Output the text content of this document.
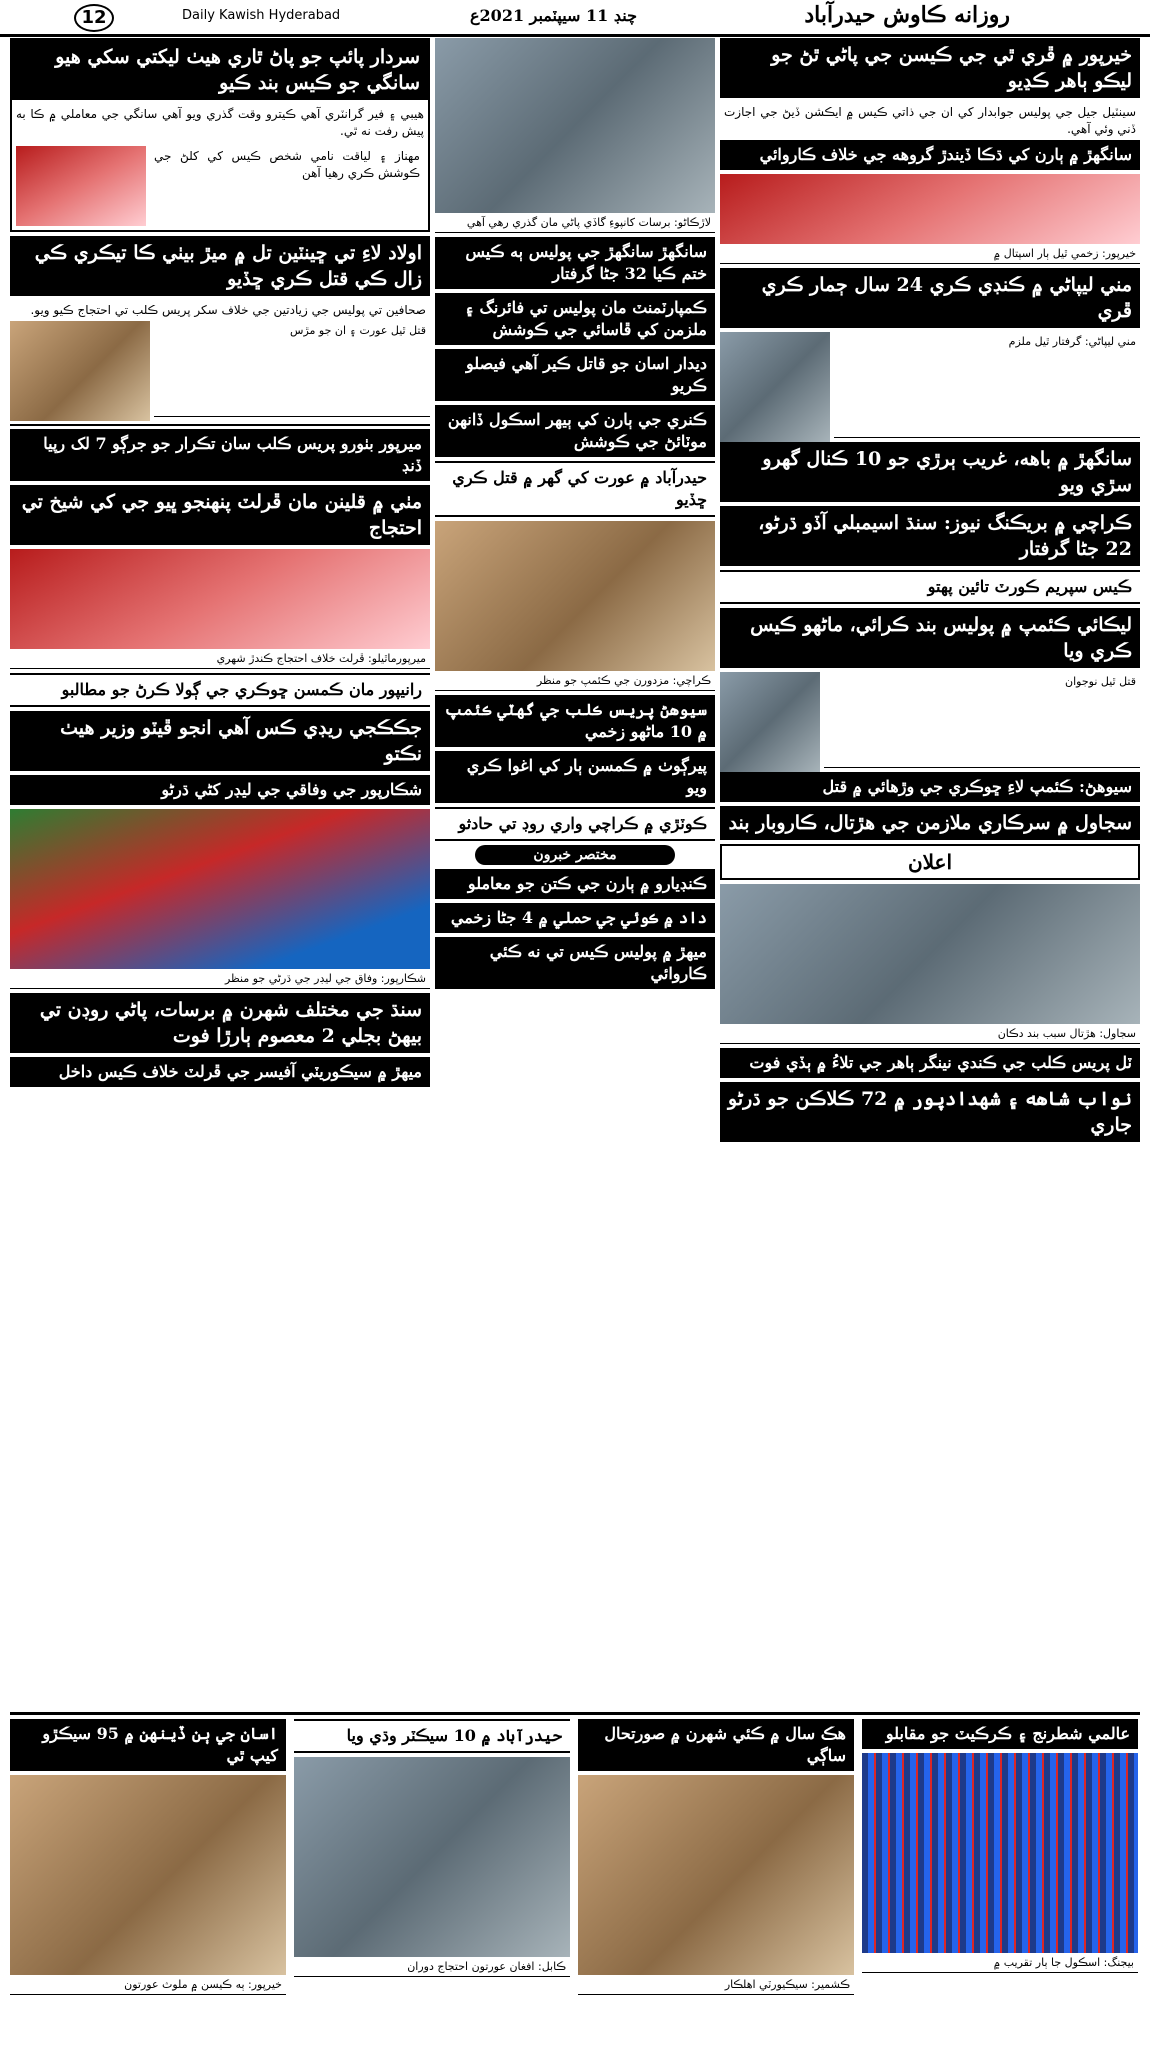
12	Daily Kawish Hyderabad	چنڊ 11 سيپٽمبر 2021ع	روزانه ڪاوش حيدرآباد
سردار پائپ جو پاڻ ٿاري هيٺ ليکتي سکي هيو سانگي جو ڪيس بند ڪيو
هيبي ۽ فير گرانٽري آهي ڪيترو وقت گذري ويو آهي سانگي جي معاملي ۾ ڪا به پيش رفت نه ٿي.
مهناز ۽ لياقت نامي شخص ڪيس کي کلڻ جي ڪوشش ڪري رهيا آهن
اولاد لاءِ تي ڇينٽين تل ۾ ميڙ بيٺي ڪا تيڪري ڪي زال ڪي قتل ڪري ڇڏيو
صحافين تي پوليس جي زيادتين جي خلاف سکر پريس ڪلب تي احتجاج ڪيو ويو.
قتل ٿيل عورت ۽ ان جو مڙس
ميرپور بٺورو پريس ڪلب سان تڪرار جو جرڳو 7 لک رپيا ڏنڊ
مٺي ۾ قلينن مان ڦرلٽ پنهنجو ڀيو جي کي شيخ تي احتجاج
ميرپورماٿيلو: ڦرلٽ خلاف احتجاج ڪندڙ شهري
رانيپور مان ڪمسن ڇوڪري جي ڳولا ڪرڻ جو مطالبو
جڪڪجي ريڊي ڪس آهي انجو ڦيٽو وزير هيٺ نڪتو
شڪارپور جي وفاقي جي ليڊر کڻي ڌرڻو
شڪارپور: وفاق جي ليڊر جي ڌرڻي جو منظر
سنڌ جي مختلف شهرن ۾ برسات، پاڻي روڊن تي بيهڻ بجلي 2 معصوم ٻارڙا فوت
ميهڙ ۾ سيڪوريٽي آفيسر جي ڦرلٽ خلاف ڪيس داخل
لاڙڪاڻو: برسات کانپوءِ گاڏي پاڻي مان گذري رهي آهي
سانگهڙ سانگهڙ جي پوليس ٻه ڪيس ختم ڪيا 32 جڻا گرفتار
ڪمپارٽمنٽ مان پوليس تي فائرنگ ۽ ملزمن کي ڦاسائي جي ڪوشش
ديدار اسان جو قاتل ڪير آهي فيصلو ڪريو
ڪنري جي ٻارن کي ٻيهر اسڪول ڏانهن موٽائڻ جي ڪوشش
حيدرآباد ۾ عورت کي گهر ۾ قتل ڪري ڇڏيو
ڪراچي: مزدورن جي ڪئمپ جو منظر
سيوهڻ پريس ڪلب جي گهٽي ڪئمپ ۾ 10 ماڻهو زخمي
پيرڳوٺ ۾ ڪمسن ٻار کي اغوا ڪري ويو
ڪوٽڙي ۾ ڪراچي واري روڊ تي حادثو
مختصر خبرون
ڪنڊيارو ۾ ٻارن جي ڪتن جو معاملو
داد ۾ ڪوئي جي حملي ۾ 4 جڻا زخمي
ميهڙ ۾ پوليس ڪيس تي نه ڪئي ڪاروائي
خيرپور ۾ ڦري ٿي جي ڪيسن جي پاڻي ٿڻ جو ليڪو ٻاهر ڪڍيو
سينٽيل جيل جي پوليس جوابدار کي ان جي ذاتي ڪيس ۾ ايڪشن ڏيڻ جي اجازت ڏني وئي آهي.
سانگهڙ ۾ ٻارن کي ڌڪا ڏيندڙ گروهه جي خلاف ڪاروائي
خيرپور: زخمي ٿيل ٻار اسپتال ۾
مني ليپاڻي ۾ ڪنڊي ڪري 24 سال ڄمار ڪري ڦري
مني ليپاڻي: گرفتار ٿيل ملزم
سانگهڙ ۾ باهه، غريب ٻرڙي جو 10 ڪنال گهرو سڙي ويو
ڪراچي ۾ بريڪنگ نيوز: سنڌ اسيمبلي آڏو ڌرڻو، 22 جڻا گرفتار
ڪيس سپريم ڪورٽ تائين پهتو
ليڪائي ڪئمپ ۾ پوليس بند ڪرائي، ماڻهو ڪيس ڪري ويا
قتل ٿيل نوجوان
سيوهڻ: ڪئمپ لاءِ ڇوڪري جي وڙهائي ۾ قتل
سجاول ۾ سرڪاري ملازمن جي هڙتال، ڪاروبار بند
اعلان
سجاول: هڙتال سبب بند دڪان
ٽل پريس ڪلب جي ڪندي نينگر ٻاهر جي تلاءُ ۾ ٻڏي فوت
نواب شاهه ۽ شهدادپور ۾ 72 ڪلاڪن جو ڌرڻو جاري
اسان جي ٻن ڏينهن ۾ 95 سيڪڙو کيپ ٿي
خيرپور: ٻه ڪيسن ۾ ملوث عورتون
حيدرآباد ۾ 10 سيڪٽر وڌي ويا
ڪابل: افغان عورتون احتجاج دوران
هڪ سال ۾ ڪئي شهرن ۾ صورتحال ساڳي
ڪشمير: سيڪيورٽي اهلڪار
عالمي شطرنج ۽ ڪرڪيٽ جو مقابلو
بيجنگ: اسڪول جا ٻار تقريب ۾
